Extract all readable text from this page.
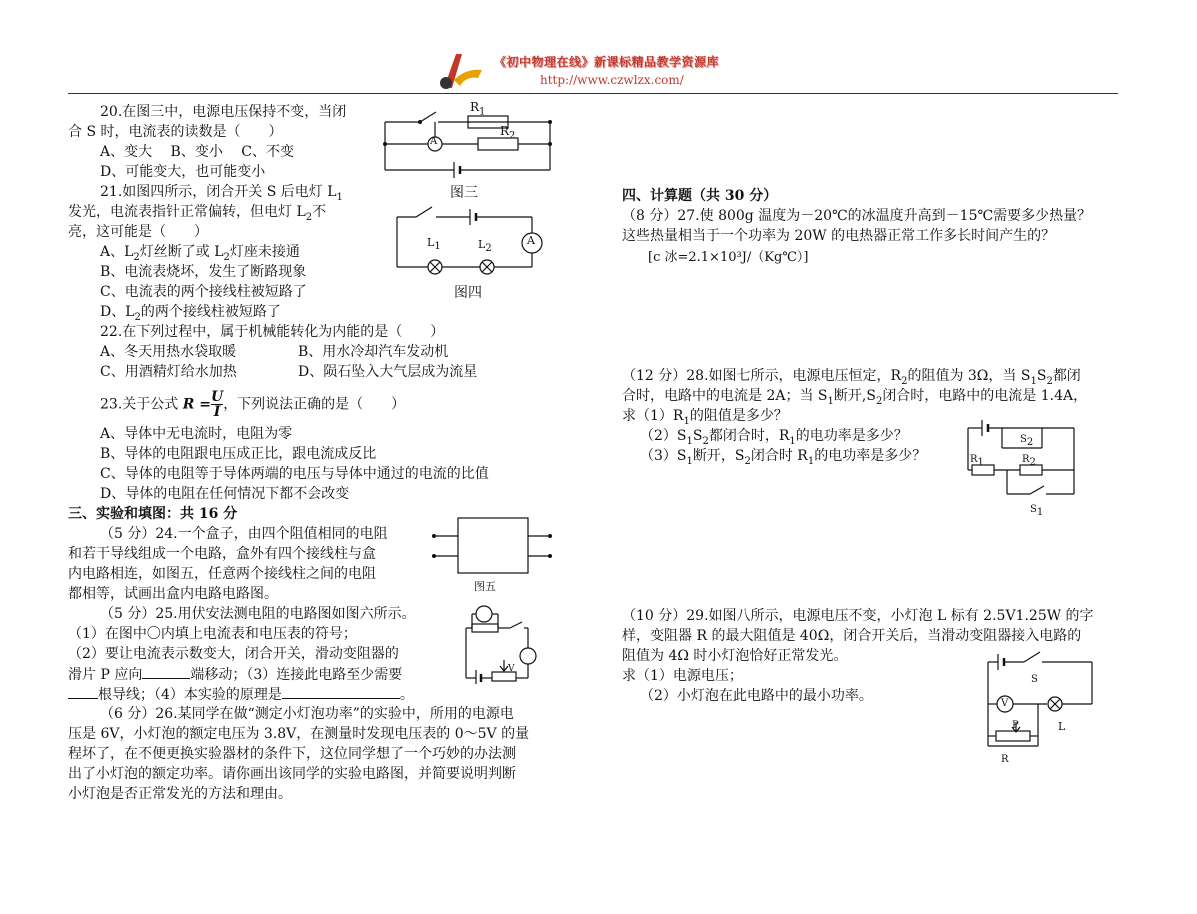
《初中物理在线》新课标精品教学资源库
http://www.czwlzx.com/
20.在图三中，电源电压保持不变，当闭
合 S 时，电流表的读数是（　　）
A、变大　 B、变小　 C、不变
D、可能变大，也可能变小
21.如图四所示，闭合开关 S 后电灯 $L_1$
发光，电流表指针正常偏转，但电灯 $L_2$不
亮，这可能是（　　）
A、$L_2$灯丝断了或 $L_2$灯座未接通
B、电流表烧坏，发生了断路现象
C、电流表的两个接线柱被短路了
D、$L_2$的两个接线柱被短路了
22.在下列过程中，属于机械能转化为内能的是（　　）
A、冬天用热水袋取暖	B、用水冷却汽车发动机
C、用酒精灯给水加热	D、陨石坠入大气层成为流星
23.关于公式 $R = \frac{U}{I}$ ，下列说法正确的是（　　）
A、导体中无电流时，电阻为零
B、导体的电阻跟电压成正比，跟电流成反比
C、导体的电阻等于导体两端的电压与导体中通过的电流的比值
D、导体的电阻在任何情况下都不会改变
三、实验和填图：共 16 分
（5 分）24.一个盒子，由四个阻值相同的电阻
和若干导线组成一个电路，盒外有四个接线柱与盒
内电路相连，如图五，任意两个接线柱之间的电阻
都相等，试画出盒内电路电路图。
（5 分）25.用伏安法测电阻的电路图如图六所示。
（1）在图中〇内填上电流表和电压表的符号；
（2）要让电流表示数变大，闭合开关，滑动变阻器的
滑片 P 应向	端移动；（3）连接此电路至少需要
根导线；（4）本实验的原理是	。
（6 分）26.某同学在做“测定小灯泡功率”的实验中，所用的电源电
压是 6V，小灯泡的额定电压为 3.8V，在测量时发现电压表的 0～5V 的量
程坏了，在不便更换实验器材的条件下，这位同学想了一个巧妙的办法测
出了小灯泡的额定功率。请你画出该同学的实验电路图，并简要说明判断
小灯泡是否正常发光的方法和理由。
$R_1$
$R_2$
A
图三
A
$L_1$	$L_2$
图四
图五
V
四、计算题（共 30 分）
（8 分）27.使 800g 温度为－20℃的冰温度升高到－15℃需要多少热量？
这些热量相当于一个功率为 20W 的电热器正常工作多长时间产生的？
[c 冰=2.1×10³J/（Kg℃）]
（12 分）28.如图七所示，电源电压恒定，$R_2$的阻值为 3Ω，当 $S_1S_2$都闭
合时，电路中的电流是 2A；当 $S_1$断开$,S_2$闭合时，电路中的电流是 1.4A，
求$(1)R_1$的阻值是多少？
$(2)S_1S_2$都闭合时，$R_1$的电功率是多少？
$(3)S_1$断开，$S_2$闭合时 $R_1$的电功率是多少？
$S_2$
$R_1$	$R_2$
$S_1$
（10 分）29.如图八所示，电源电压不变，小灯泡 L 标有 2.5V1.25W 的字
样，变阻器 R 的最大阻值是 40Ω，闭合开关后，当滑动变阻器接入电路的
阻值为 4Ω 时小灯泡恰好正常发光。
求（1）电源电压；
（2）小灯泡在此电路中的最小功率。
S
V
L
P
R
